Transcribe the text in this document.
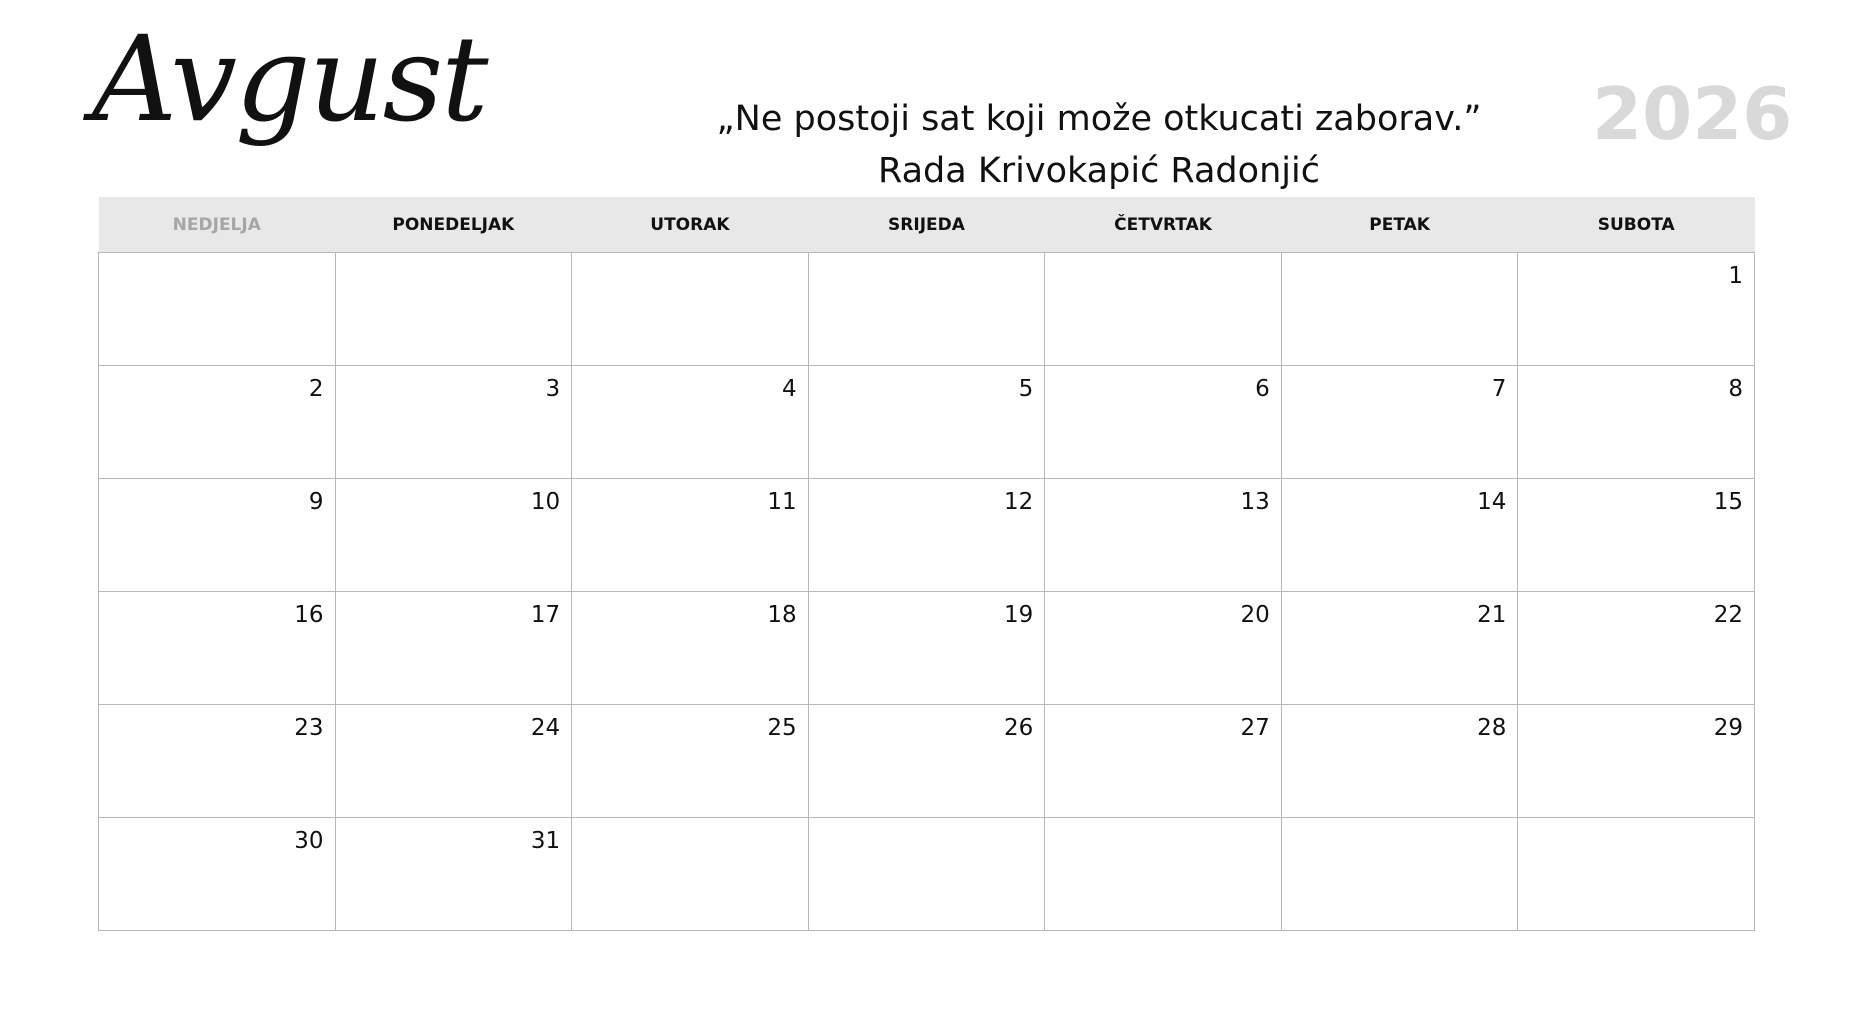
Avgust	„Ne postoji sat koji može otkucati zaborav.”
Rada Krivokapić Radonjić
2026
NEDJELJA	PONEDELJAK	UTORAK	SRIJEDA	ČETVRTAK	PETAK	SUBOTA
						1
2	3	4	5	6	7	8
9	10	11	12	13	14	15
16	17	18	19	20	21	22
23	24	25	26	27	28	29
30	31					
